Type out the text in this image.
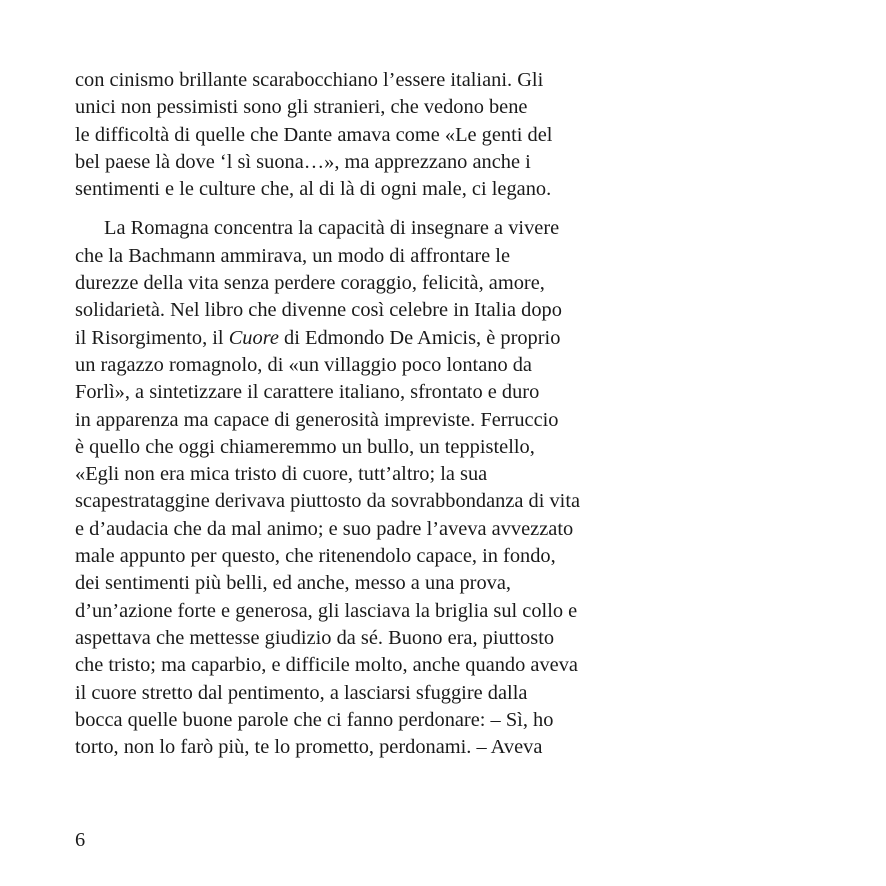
con cinismo brillante scarabocchiano l’essere italiani. Gli
unici non pessimisti sono gli stranieri, che vedono bene
le difficoltà di quelle che Dante amava come «Le genti del
bel paese là dove ‘l sì suona…», ma apprezzano anche i
sentimenti e le culture che, al di là di ogni male, ci legano.
La Romagna concentra la capacità di insegnare a vivere
che la Bachmann ammirava, un modo di affrontare le
durezze della vita senza perdere coraggio, felicità, amore,
solidarietà. Nel libro che divenne così celebre in Italia dopo
il Risorgimento, il Cuore di Edmondo De Amicis, è proprio
un ragazzo romagnolo, di «un villaggio poco lontano da
Forlì», a sintetizzare il carattere italiano, sfrontato e duro
in apparenza ma capace di generosità impreviste. Ferruccio
è quello che oggi chiameremmo un bullo, un teppistello,
«Egli non era mica tristo di cuore, tutt’altro; la sua
scapestrataggine derivava piuttosto da sovrabbondanza di vita
e d’audacia che da mal animo; e suo padre l’aveva avvezzato
male appunto per questo, che ritenendolo capace, in fondo,
dei sentimenti più belli, ed anche, messo a una prova,
d’un’azione forte e generosa, gli lasciava la briglia sul collo e
aspettava che mettesse giudizio da sé. Buono era, piuttosto
che tristo; ma caparbio, e difficile molto, anche quando aveva
il cuore stretto dal pentimento, a lasciarsi sfuggire dalla
bocca quelle buone parole che ci fanno perdonare: – Sì, ho
torto, non lo farò più, te lo prometto, perdonami. – Aveva
6
